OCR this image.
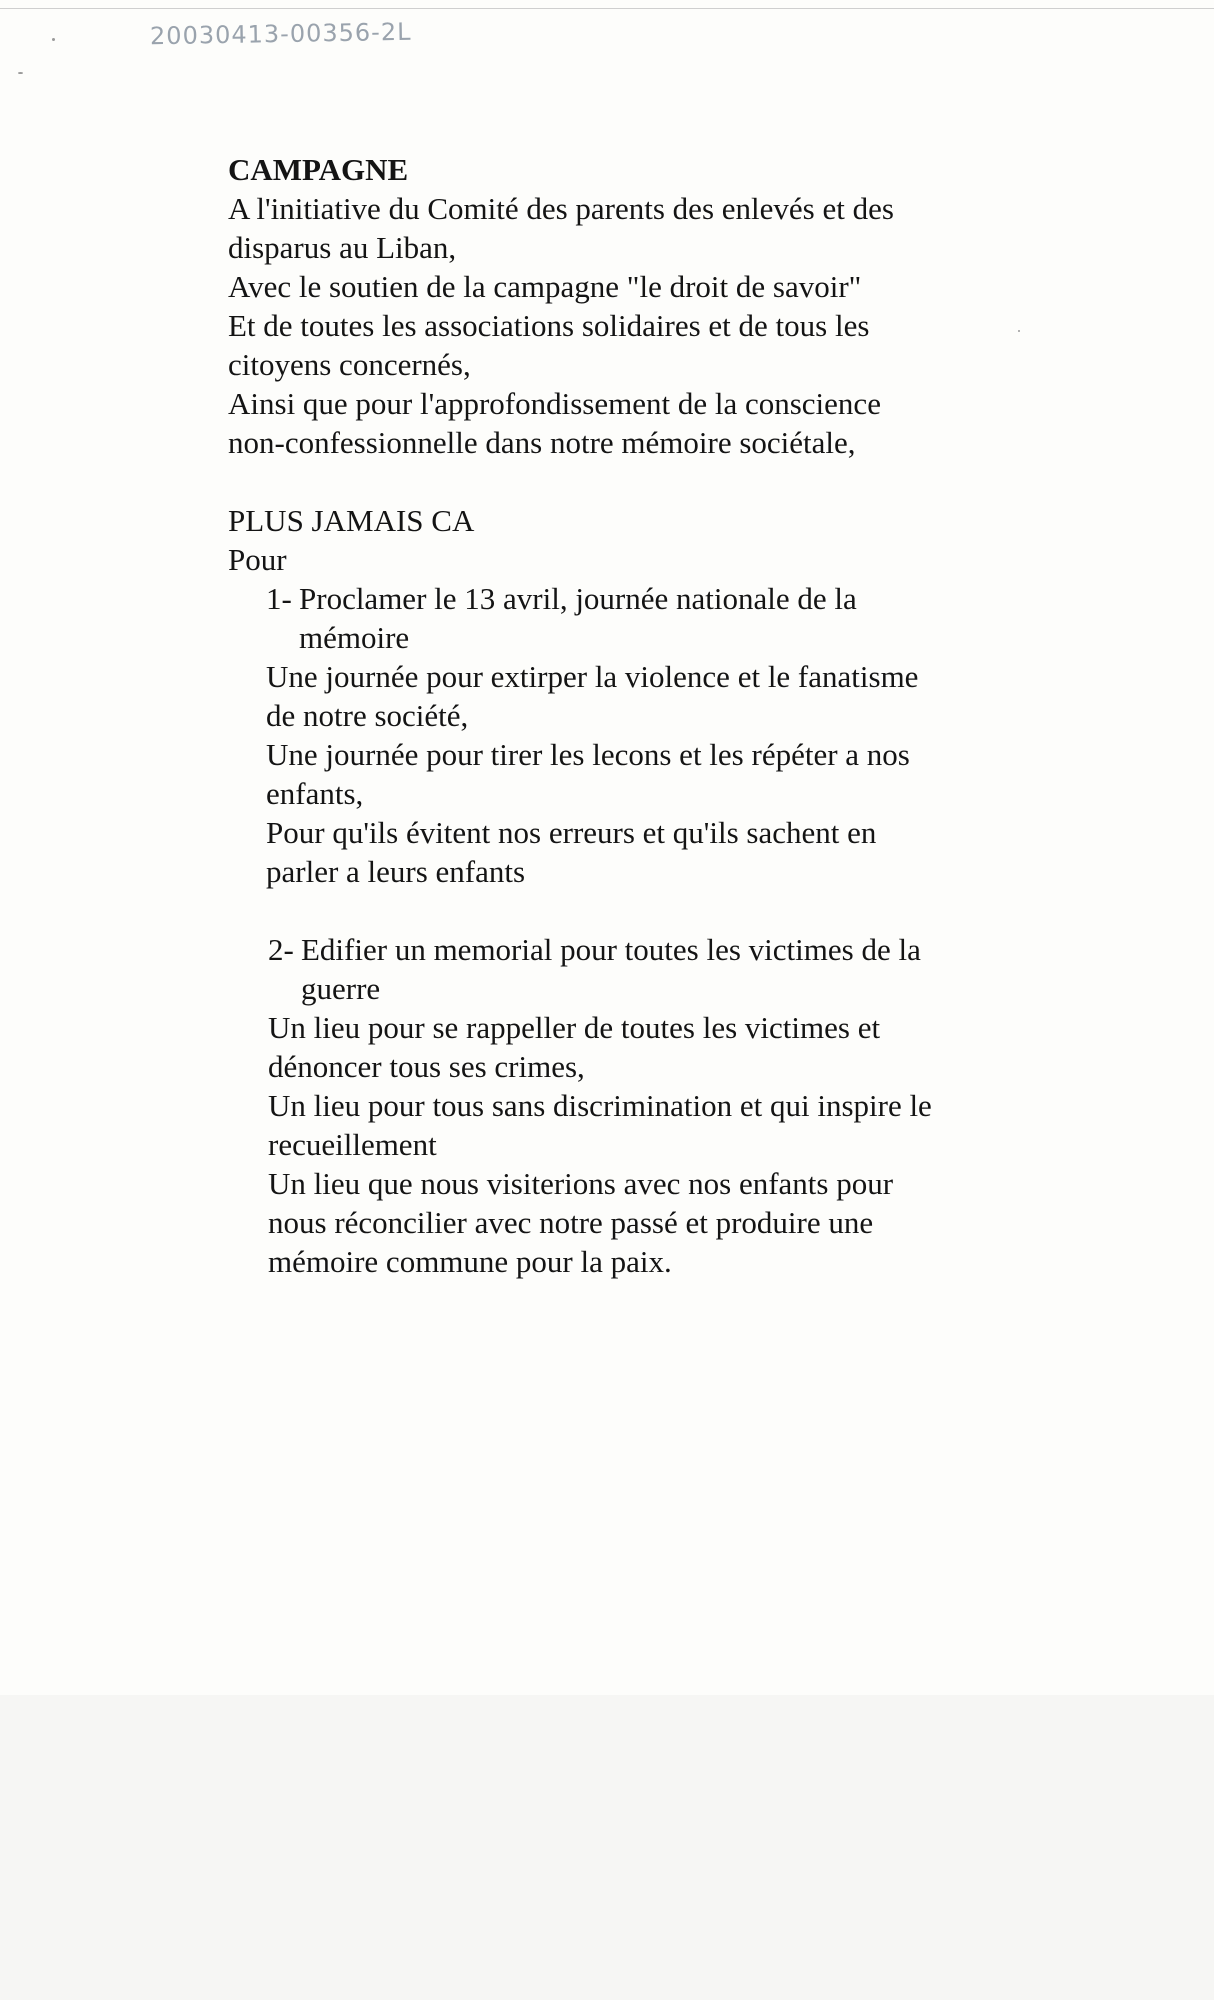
20030413-00356-2L

CAMPAGNE

A l'initiative du Comité des parents des enlevés et des

disparus au Liban,

Avec le soutien de la campagne "le droit de savoir"

Et de toutes les associations solidaires et de tous les

citoyens concernés,

Ainsi que pour l'approfondissement de la conscience

non-confessionnelle dans notre mémoire sociétale,

PLUS JAMAIS CA

Pour

1- Proclamer le 13 avril, journée nationale de la

mémoire

Une journée pour extirper la violence et le fanatisme

de notre société,

Une journée pour tirer les lecons et les répéter a nos

enfants,

Pour qu'ils évitent nos erreurs et qu'ils sachent en

parler a leurs enfants

2- Edifier un memorial pour toutes les victimes de la

guerre

Un lieu pour se rappeller de toutes les victimes et

dénoncer tous ses crimes,

Un lieu pour tous sans discrimination et qui inspire le

recueillement

Un lieu que nous visiterions avec nos enfants pour

nous réconcilier avec notre passé et produire une

mémoire commune pour la paix.
